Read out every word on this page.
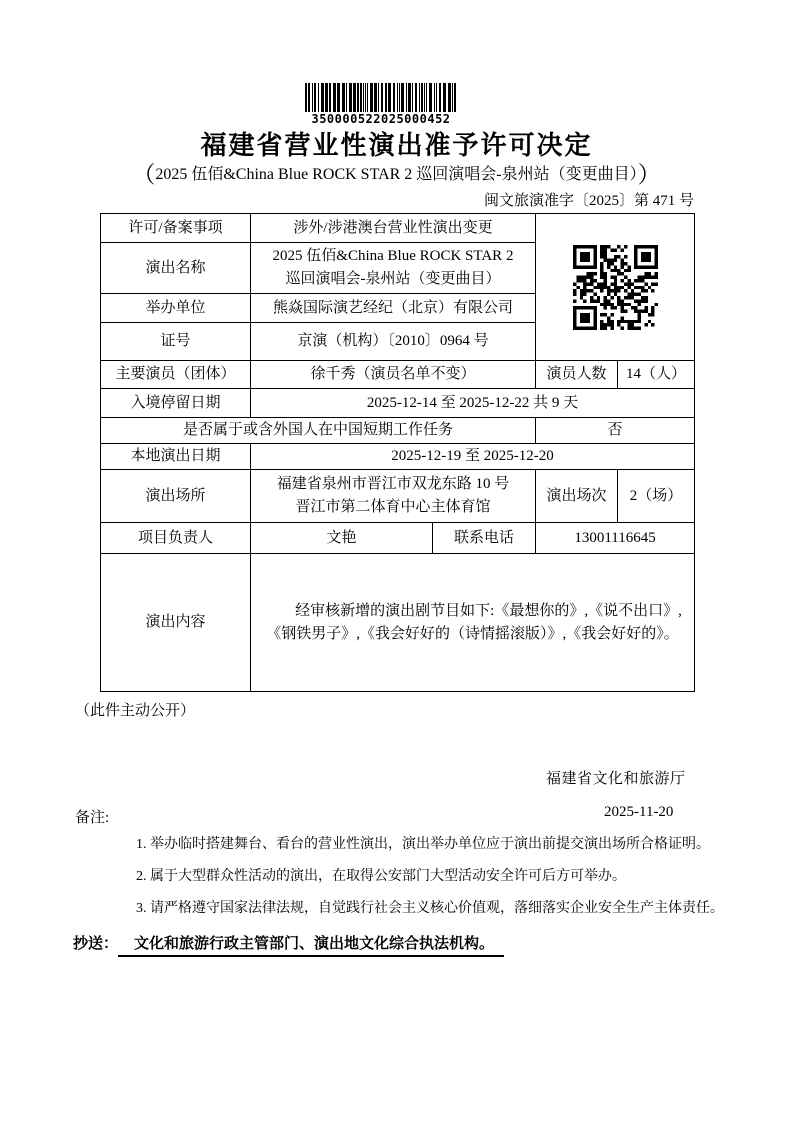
350000522025000452
福建省营业性演出准予许可决定
（2025 伍佰&China Blue ROCK STAR 2 巡回演唱会-泉州站（变更曲目））
闽文旅演准字〔2025〕第 471 号
许可/备案事项	涉外/涉港澳台营业性演出变更	

演出名称	2025 伍佰&China Blue ROCK STAR 2
巡回演唱会-泉州站（变更曲目）			

举办单位	熊焱国际演艺经纪（北京）有限公司			
证号	京演（机构）〔2010〕0964 号			
主要演员（团体）	徐千秀（演员名单不变）		演员人数	14（人）
入境停留日期	2025-12-14 至 2025-12-22 共 9 天			
是否属于或含外国人在中国短期工作任务			否	
本地演出日期	2025-12-19 至 2025-12-20			
演出场所	福建省泉州市晋江市双龙东路 10 号
晋江市第二体育中心主体育馆		演出场次	2（场）
项目负责人	文艳	联系电话	13001116645	
演出内容	经审核新增的演出剧节目如下:《最想你的》,《说不出口》,
《钢铁男子》,《我会好好的（诗情摇滚版）》,《我会好好的》。			
（此件主动公开）
福建省文化和旅游厅
2025-11-20
备注:
1. 举办临时搭建舞台、看台的营业性演出，演出举办单位应于演出前提交演出场所合格证明。
2. 属于大型群众性活动的演出，在取得公安部门大型活动安全许可后方可举办。
3. 请严格遵守国家法律法规，自觉践行社会主义核心价值观，落细落实企业安全生产主体责任。
抄送： 文化和旅游行政主管部门、演出地文化综合执法机构。
